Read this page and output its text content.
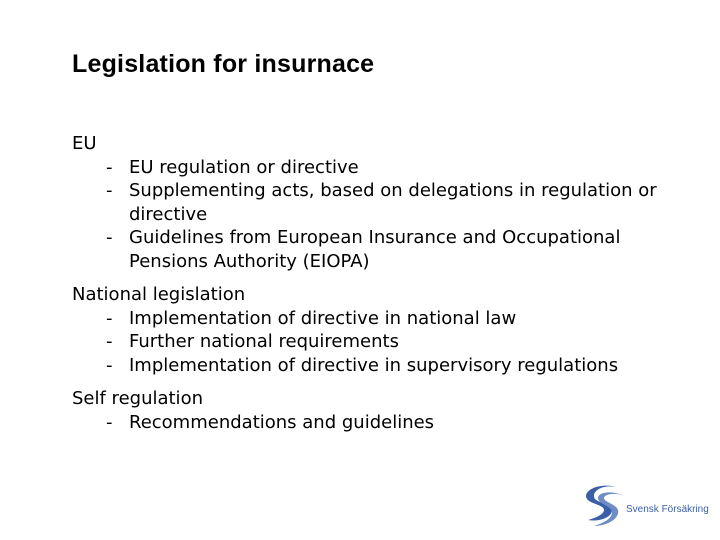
Legislation for insurnace
EU
- EU regulation or directive
- Supplementing acts, based on delegations in regulation or directive
- Guidelines from European Insurance and Occupational Pensions Authority (EIOPA)
National legislation
- Implementation of directive in national law
- Further national requirements
- Implementation of directive in supervisory regulations
Self regulation
- Recommendations and guidelines
Svensk Försäkring
